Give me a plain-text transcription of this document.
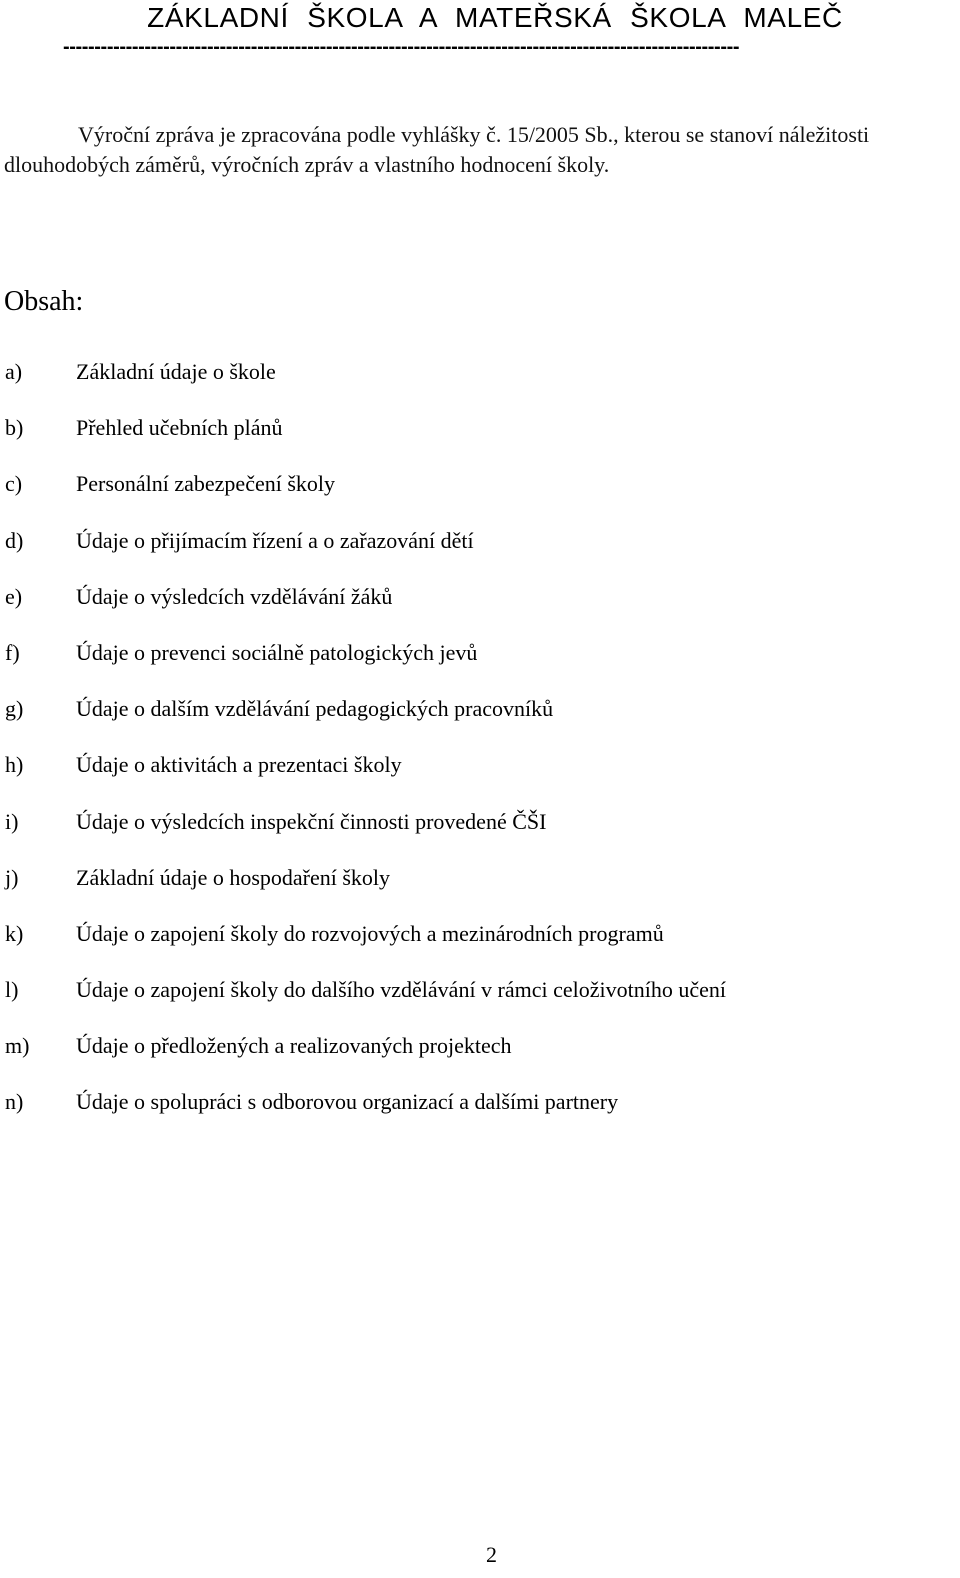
ZÁKLADNÍ ŠKOLA A MATEŘSKÁ ŠKOLA MALEČ
------------------------------------------------------------------------------------------------------------

Výroční zpráva je zpracována podle vyhlášky č. 15/2005 Sb., kterou se stanoví náležitosti
dlouhodobých záměrů, výročních zpráv a vlastního hodnocení školy.

Obsah:
a)	Základní údaje o škole
b)	Přehled učebních plánů
c)	Personální zabezpečení školy
d)	Údaje o přijímacím řízení a o zařazování dětí
e)	Údaje o výsledcích vzdělávání žáků
f)	Údaje o prevenci sociálně patologických jevů
g)	Údaje o dalším vzdělávání pedagogických pracovníků
h)	Údaje o aktivitách a prezentaci školy
i)	Údaje o výsledcích inspekční činnosti provedené ČŠI
j)	Základní údaje o hospodaření školy
k)	Údaje o zapojení školy do rozvojových a mezinárodních programů
l)	Údaje o zapojení školy do dalšího vzdělávání v rámci celoživotního učení
m) Údaje o předložených a realizovaných projektech
n)	Údaje o spolupráci s odborovou organizací a dalšími partnery
2
